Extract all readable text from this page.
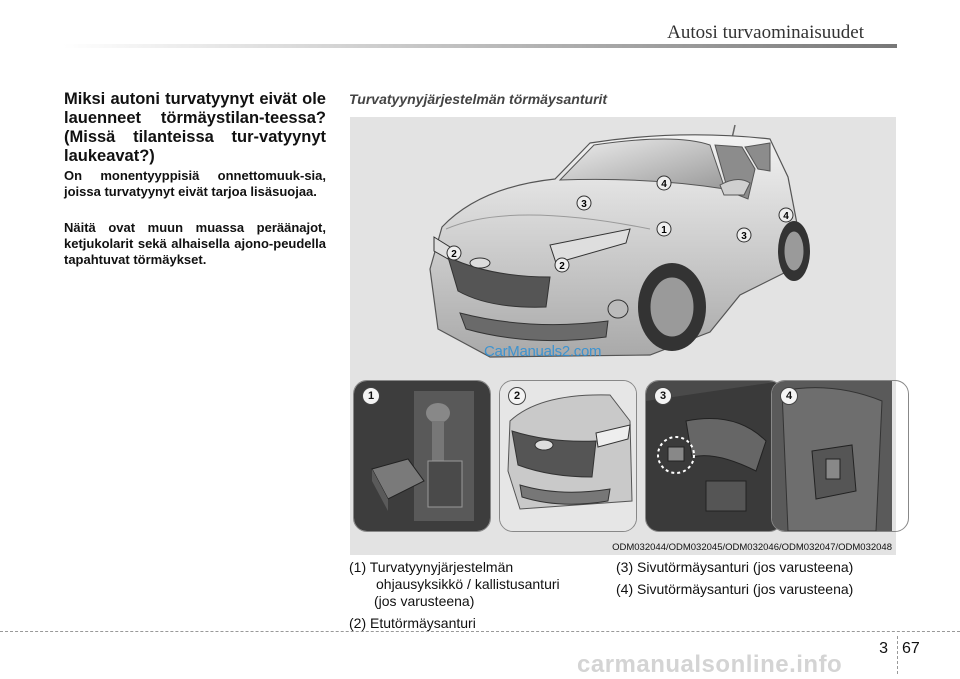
Autosi turvaominaisuudet
Miksi autoni turvatyynyt eivät ole lauenneet törmäystilan-teessa? (Missä tilanteissa tur-vatyynyt laukeavat?)
On monentyyppisiä onnettomuuk-sia, joissa turvatyynyt eivät tarjoa lisäsuojaa.
Näitä ovat muun muassa peräänajot, ketjukolarit sekä alhaisella ajono-peudella tapahtuvat törmäykset.
Turvatyynyjärjestelmän törmäysanturit
1
2
2
3
3
4
4
CarManuals2.com
1	2	3	4
ODM032044/ODM032045/ODM032046/ODM032047/ODM032048
(1) Turvatyynyjärjestelmän
ohjausyksikkö / kallistusanturi
(jos varusteena)
(2) Etutörmäysanturi
(3) Sivutörmäysanturi (jos varusteena)
(4) Sivutörmäysanturi (jos varusteena)
3 67
carmanualsonline.info
